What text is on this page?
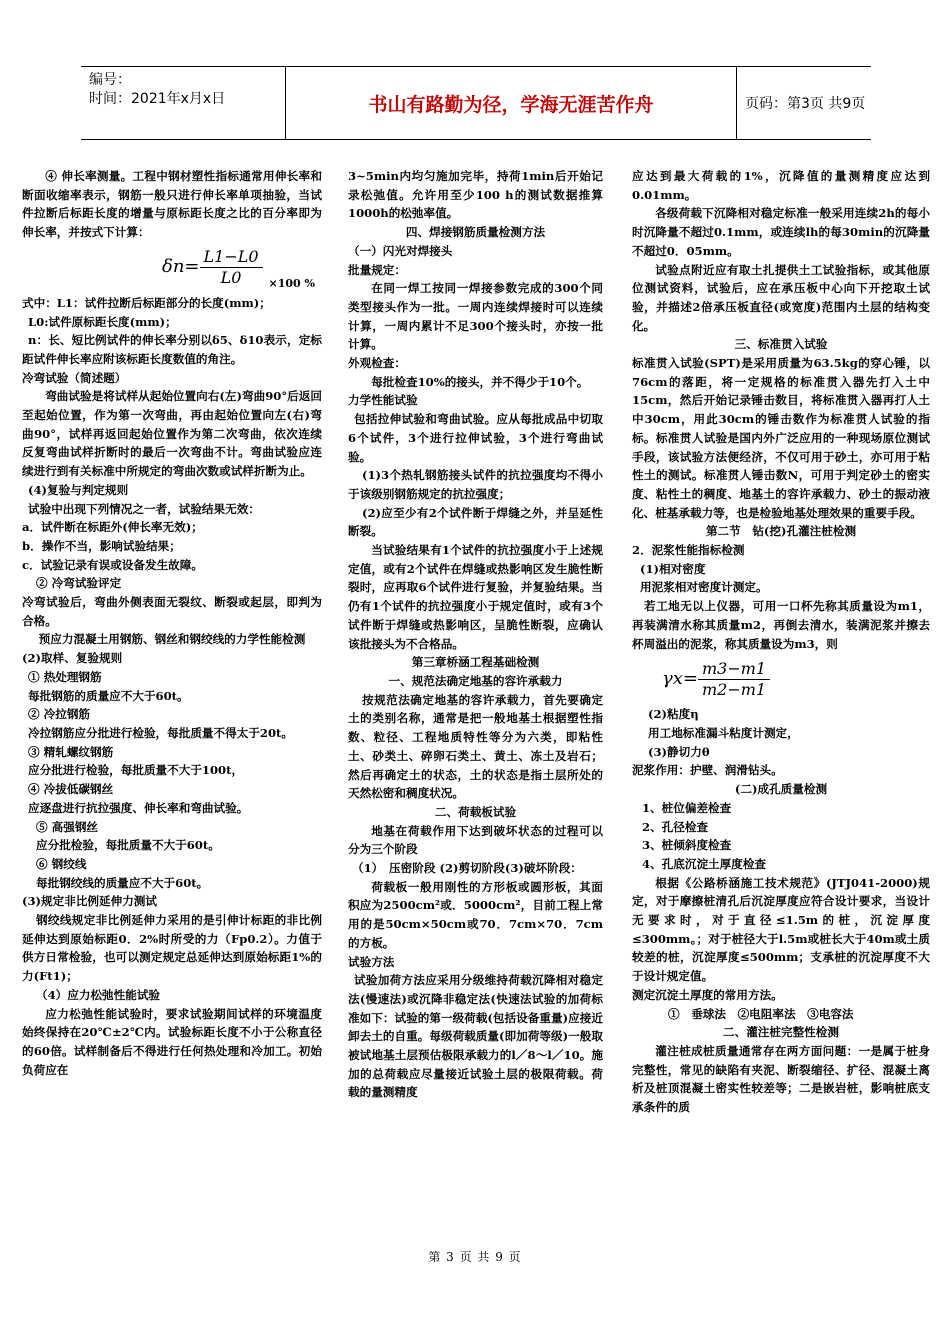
编号：
时间：2021年x月x日	书山有路勤为径，学海无涯苦作舟	页码：第3页 共9页

④ 伸长率测量。工程中钢材塑性指标通常用伸长率和断面收缩率表示，钢筋一般只进行伸长率单项抽验，当试件拉断后标距长度的增量与原标距长度之比的百分率即为伸长率，并按式下计算：

$\delta n= \frac{L1-L0}{L0} \times 100$ %

式中：L1：试件拉断后标距部分的长度(mm)；

L0:试件原标距长度(mm)；

n：长、短比例试件的伸长率分别以δ5、δ10表示，定标距试件伸长率应附该标距长度数值的角注。

冷弯试验（简述题）

弯曲试验是将试样从起始位置向右(左)弯曲90°后返回至起始位置，作为第一次弯曲，再由起始位置向左(右)弯曲90°，试样再返回起始位置作为第二次弯曲，依次连续反复弯曲试样折断时的最后一次弯曲不计。弯曲试验应连续进行到有关标准中所规定的弯曲次数或试样折断为止。

(4)复验与判定规则

试验中出现下列情况之一者，试验结果无效：

a．试件断在标距外(伸长率无效)；

b．操作不当，影响试验结果；

c．试验记录有误或设备发生故障。

② 冷弯试验评定

冷弯试验后，弯曲外侧表面无裂纹、断裂或起层，即判为合格。

预应力混凝土用钢筋、钢丝和钢绞线的力学性能检测

(2)取样、复验规则

① 热处理钢筋

每批钢筋的质量应不大于60t。

② 冷拉钢筋

冷拉钢筋应分批进行检验，每批质量不得太于20t。

③ 精轧螺纹钢筋

应分批进行检验，每批质量不大于100t，

④ 冷拔低碳钢丝

应逐盘进行抗拉强度、伸长率和弯曲试验。

⑤ 高强钢丝

应分批检验，每批质量不大于60t。

⑥ 钢绞线

每批钢绞线的质量应不大于60t。

(3)规定非比例延伸力测试

钢绞线规定非比例延伸力采用的是引伸计标距的非比例延伸达到原始标距0．2%时所受的力（Fp0.2）。力值于供方日常检验，也可以测定规定总延伸达到原始标距1%的力(Ft1)；

（4）应力松弛性能试验

应力松弛性能试验时，要求试验期间试样的环境温度始终保持在20℃±2℃内。试验标距长度不小于公称直径的60倍。试样制备后不得进行任何热处理和冷加工。初始负荷应在

3~5min内均匀施加完毕，持荷1min后开始记录松弛值。允许用至少100 h的测试数据推算1000h的松弛率值。

四、焊接钢筋质量检测方法

（一）闪光对焊接头

批量规定：

在同一焊工按同一焊接参数完成的300个同类型接头作为一批。一周内连续焊接时可以连续计算，一周内累计不足300个接头时，亦按一批计算。

外观检查：

每批检查10%的接头，并不得少于10个。

力学性能试验

包括拉伸试验和弯曲试验。应从每批成品中切取6个试件，3个进行拉伸试验，3个进行弯曲试验。

(1)3个热轧钢筋接头试件的抗拉强度均不得小于该级别钢筋规定的抗拉强度；

(2)应至少有2个试件断于焊缝之外，并呈延性断裂。

当试验结果有1个试件的抗拉强度小于上述规定值，或有2个试件在焊缝或热影响区发生脆性断裂时，应再取6个试件进行复验，并复验结果。当仍有1个试件的抗拉强度小于规定值时，或有3个试件断于焊缝或热影响区，呈脆性断裂，应确认该批接头为不合格品。

第三章桥涵工程基础检测

一、规范法确定地基的容许承载力

按规范法确定地基的容许承载力，首先要确定土的类别名称，通常是把一般地基土根据塑性指数、粒径、工程地质特性等分为六类，即粘性土、砂类土、碎卵石类土、黄土、冻土及岩石；然后再确定土的状态，土的状态是指土层所处的天然松密和稠度状况。

二、荷载板试验

地基在荷载作用下达到破坏状态的过程可以分为三个阶段

（1）　压密阶段 (2)剪切阶段(3)破坏阶段：

荷载板一般用刚性的方形板或圆形板，其面积应为2500cm²或．5000cm²，目前工程上常用的是50cm×50cm或70．7cm×70．7cm的方板。

试验方法

试验加荷方法应采用分级维持荷载沉降相对稳定法(慢速法)或沉降非稳定法(快速法试验的加荷标准如下：试验的第一级荷载(包括设备重量)应接近卸去土的自重。每级荷载质量(即加荷等级)一般取被试地基土层预估极限承载力的l／8～l／10。施加的总荷载应尽量接近试验土层的极限荷载。荷载的量测精度

应达到最大荷载的1%，沉降值的量测精度应达到0.01mm。

各级荷载下沉降相对稳定标准一般采用连续2h的每小时沉降量不超过0.1mm，或连续lh的每30min的沉降量不超过0．05mm。

试验点附近应有取土扎提供土工试验指标，或其他原位测试资料，试验后，应在承压板中心向下开挖取土试验，并描述2倍承压板直径(或宽度)范围内土层的结构变化。

三、标准贯入试验

标准贯入试验(SPT)是采用质量为63.5kg的穿心锤，以76cm的落距，将一定规格的标准贯入器先打入土中15cm，然后开始记录锤击数目，将标准贯入器再打人土中30cm，用此30cm的锤击数作为标准贯人试验的指标。标准贯人试验是国内外广泛应用的一种现场原位测试手段，该试验方法便经济，不仅可用于砂土，亦可用于粘性土的测试。标准贯人锤击数N，可用于判定砂土的密实度、粘性土的稠度、地基土的容许承载力、砂土的振动液化、桩基承载力等，也是检验地基处理效果的重要手段。

第二节　钻(挖)孔灌注桩检测

2．泥浆性能指标检测

(1)相对密度

用泥浆相对密度计测定。

若工地无以上仪器，可用一口杯先称其质量设为m1，再装满清水称其质量m2，再倒去清水，装满泥浆并擦去杯周溢出的泥浆，称其质量设为m3，则

$\gamma x= \frac{m3-m1}{m2-m1}$

(2)粘度η

用工地标准漏斗粘度计测定，

(3)静切力θ

泥浆作用：护壁、润滑钻头。

(二)成孔质量检测

1、桩位偏差检查

2、孔径检查

3、桩倾斜度检查

4、孔底沉淀土厚度检查

根据《公路桥涵施工技术规范》(JTJ041-2000)规定，对于摩擦桩清孔后沉淀厚度应符合设计要求，当设计无要求时，对于直径≤1.5m的桩，沉淀厚度≤300mm。；对于桩径大于l.5m或桩长大于40m或土质较差的桩，沉淀厚度≤500mm；支承桩的沉淀厚度不大于设计规定值。

测定沉淀土厚度的常用方法。

①　垂球法　②电阻率法　③电容法

二、灌注桩完整性检测

灌注桩成桩质量通常存在两方面问题：一是属于桩身完整性，常见的缺陷有夹泥、断裂缩径、扩径、混凝土离析及桩顶混凝土密实性较差等；二是嵌岩桩，影响桩底支承条件的质

第 3 页 共 9 页
